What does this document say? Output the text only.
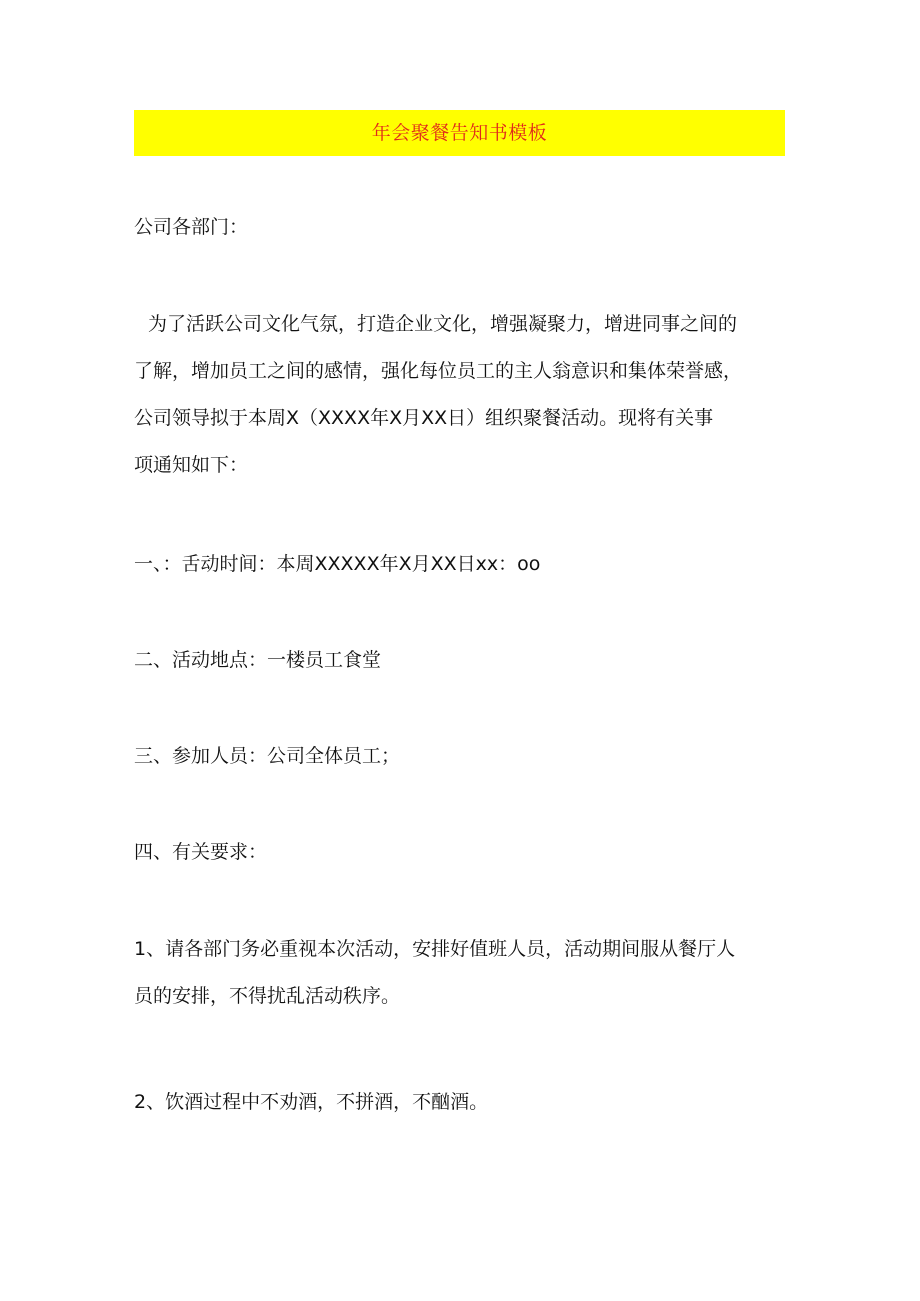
年会聚餐告知书模板
公司各部门：
为了活跃公司文化气氛，打造企业文化，增强凝聚力，增进同事之间的
了解，增加员工之间的感情，强化每位员工的主人翁意识和集体荣誉感，
公司领导拟于本周X（XXXX年X月XX日）组织聚餐活动。现将有关事
项通知如下：
一、：舌动时间：本周XXXXX年X月XX日xx：oo
二、活动地点：一楼员工食堂
三、参加人员：公司全体员工；
四、有关要求：
1、请各部门务必重视本次活动，安排好值班人员，活动期间服从餐厅人
员的安排，不得扰乱活动秩序。
2、饮酒过程中不劝酒，不拼酒，不酗酒。
